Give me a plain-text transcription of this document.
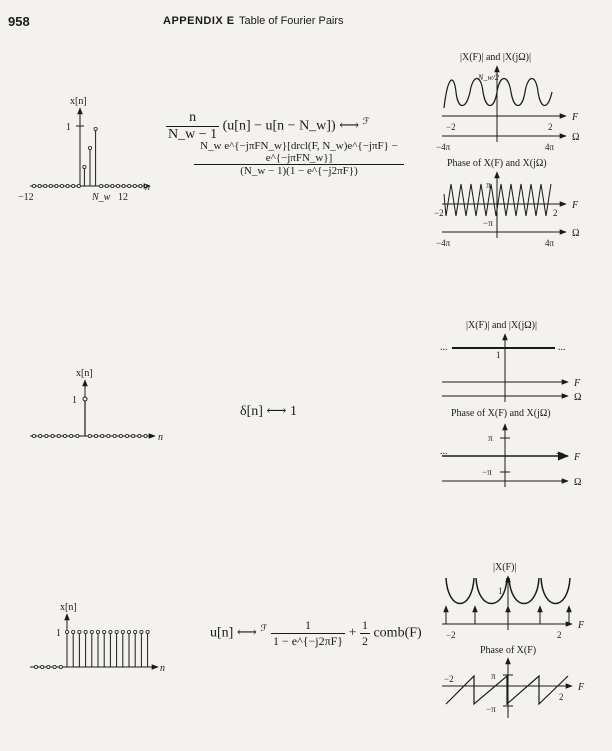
958	APPENDIX E Table of Fourier Pairs
$\frac{n}{N\_w - 1} (u[n] - u[n$ − N_w]) ⟷ $^ℱ$
$\frac{\text{N\_w e\textasciicircum{}\{−jπFN\_w\}[drcl(F, N\_w)e\textasciicircum{}\{−jπF\} − e\textasciicircum{}\{−jπFN\_w\}]}}{(N\_w - 1)(1 - e\^{}\{-j2\pi F\})}$
δ[n] ⟷ 1
u[n] ⟷ $^ℱ \frac{1}{1 - e\^{}\{-j2\pi F\}} + \frac{1}{2}$ comb(F)
x[n]
1
−12	N_w 12
n
|X(F)| and |X(jΩ)|
N_w/2
−2	2
−4π	4π
F
Ω
Phase of X(F) and X(jΩ)
π
−π
−2	2
−4π	4π
F
Ω
x[n]
1
n
|X(F)| and |X(jΩ)|
...	...
1
F
Ω
Phase of X(F) and X(jΩ)
π
−π
...	...
F
Ω
x[n]
1
n
|X(F)|
1
−2	2
F
Phase of X(F)
π
−π
−2
2
F
